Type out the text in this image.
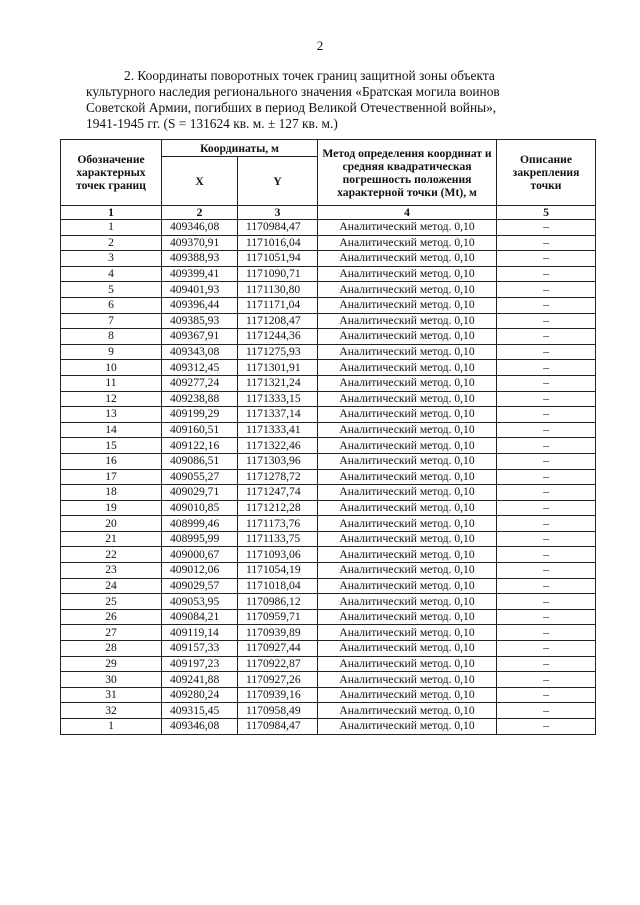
2
2. Координаты поворотных точек границ защитной зоны объекта
культурного наследия регионального значения «Братская могила воинов
Советской Армии, погибших в период Великой Отечественной войны»,
1941-1945 гг. (S = 131624 кв. м. ± 127 кв. м.)
Обозначение характерных точек границ	Координаты, м		Метод определения координат и средняя квадратическая погрешность положения характерной точки (Mt), м	Описание закрепления точки
	X	Y		
1	2	3	4	5
1	409346,08	1170984,47	Аналитический метод. 0,10	–
2	409370,91	1171016,04	Аналитический метод. 0,10	–
3	409388,93	1171051,94	Аналитический метод. 0,10	–
4	409399,41	1171090,71	Аналитический метод. 0,10	–
5	409401,93	1171130,80	Аналитический метод. 0,10	–
6	409396,44	1171171,04	Аналитический метод. 0,10	–
7	409385,93	1171208,47	Аналитический метод. 0,10	–
8	409367,91	1171244,36	Аналитический метод. 0,10	–
9	409343,08	1171275,93	Аналитический метод. 0,10	–
10	409312,45	1171301,91	Аналитический метод. 0,10	–
11	409277,24	1171321,24	Аналитический метод. 0,10	–
12	409238,88	1171333,15	Аналитический метод. 0,10	–
13	409199,29	1171337,14	Аналитический метод. 0,10	–
14	409160,51	1171333,41	Аналитический метод. 0,10	–
15	409122,16	1171322,46	Аналитический метод. 0,10	–
16	409086,51	1171303,96	Аналитический метод. 0,10	–
17	409055,27	1171278,72	Аналитический метод. 0,10	–
18	409029,71	1171247,74	Аналитический метод. 0,10	–
19	409010,85	1171212,28	Аналитический метод. 0,10	–
20	408999,46	1171173,76	Аналитический метод. 0,10	–
21	408995,99	1171133,75	Аналитический метод. 0,10	–
22	409000,67	1171093,06	Аналитический метод. 0,10	–
23	409012,06	1171054,19	Аналитический метод. 0,10	–
24	409029,57	1171018,04	Аналитический метод. 0,10	–
25	409053,95	1170986,12	Аналитический метод. 0,10	–
26	409084,21	1170959,71	Аналитический метод. 0,10	–
27	409119,14	1170939,89	Аналитический метод. 0,10	–
28	409157,33	1170927,44	Аналитический метод. 0,10	–
29	409197,23	1170922,87	Аналитический метод. 0,10	–
30	409241,88	1170927,26	Аналитический метод. 0,10	–
31	409280,24	1170939,16	Аналитический метод. 0,10	–
32	409315,45	1170958,49	Аналитический метод. 0,10	–
1	409346,08	1170984,47	Аналитический метод. 0,10	–
